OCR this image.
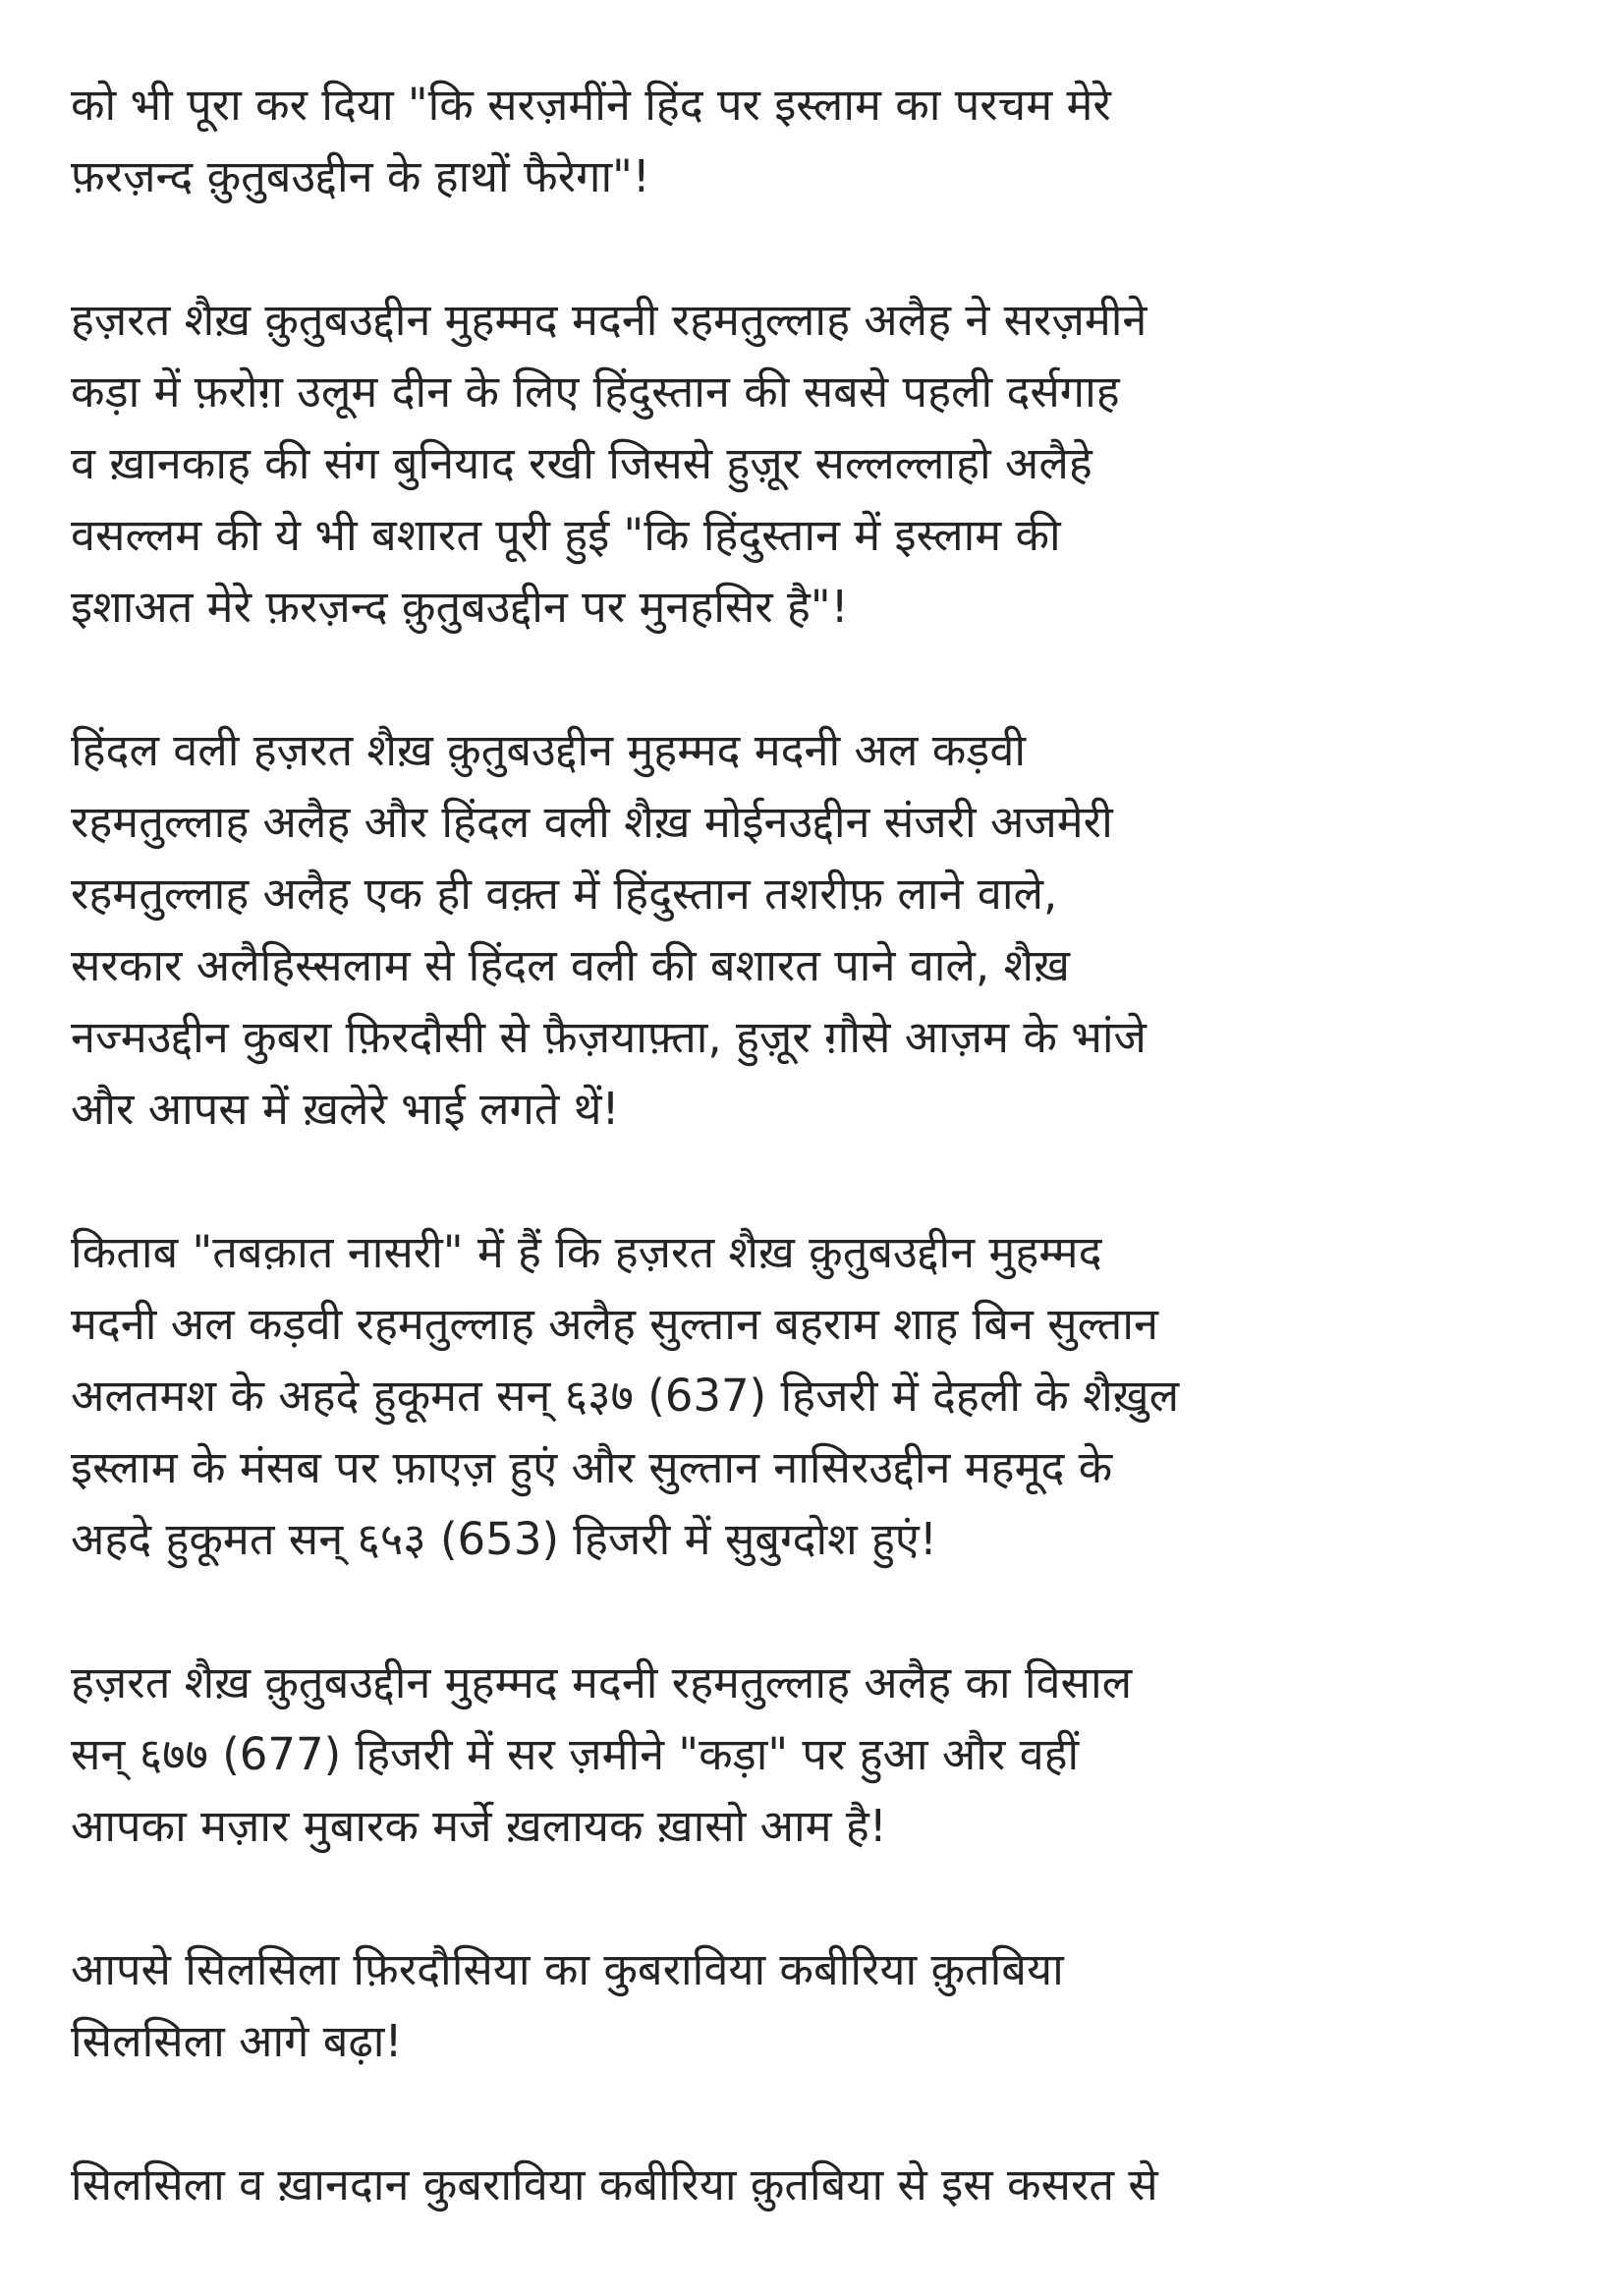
को भी पूरा कर दिया "कि सरज़मींने हिंद पर इस्लाम का परचम मेरे
फ़रज़न्द क़ुतुबउद्दीन के हाथों फैरेगा"!
हज़रत शैख़ क़ुतुबउद्दीन मुहम्मद मदनी रहमतुल्लाह अलैह ने सरज़मीने
कड़ा में फ़रोग़ उलूम दीन के लिए हिंदुस्तान की सबसे पहली दर्सगाह
व ख़ानकाह की संग बुनियाद रखी जिससे हुज़ूर सल्लल्लाहो अलैहे
वसल्लम की ये भी बशारत पूरी हुई "कि हिंदुस्तान में इस्लाम की
इशाअत मेरे फ़रज़न्द क़ुतुबउद्दीन पर मुनहसिर है"!
हिंदल वली हज़रत शैख़ क़ुतुबउद्दीन मुहम्मद मदनी अल कड़वी
रहमतुल्लाह अलैह और हिंदल वली शैख़ मोईनउद्दीन संजरी अजमेरी
रहमतुल्लाह अलैह एक ही वक़्त में हिंदुस्तान तशरीफ़ लाने वाले,
सरकार अलैहिस्सलाम से हिंदल वली की बशारत पाने वाले, शैख़
नज्मउद्दीन कुबरा फ़िरदौसी से फ़ैज़याफ़्ता, हुज़ूर ग़ौसे आज़म के भांजे
और आपस में ख़लेरे भाई लगते थें!
किताब "तबक़ात नासरी" में हैं कि हज़रत शैख़ क़ुतुबउद्दीन मुहम्मद
मदनी अल कड़वी रहमतुल्लाह अलैह सुल्तान बहराम शाह बिन सुल्तान
अलतमश के अहदे हुकूमत सन् ६३७ (637) हिजरी में देहली के शैख़ुल
इस्लाम के मंसब पर फ़ाएज़ हुएं और सुल्तान नासिरउद्दीन महमूद के
अहदे हुकूमत सन् ६५३ (653) हिजरी में सुबुग्दोश हुएं!
हज़रत शैख़ क़ुतुबउद्दीन मुहम्मद मदनी रहमतुल्लाह अलैह का विसाल
सन् ६७७ (677) हिजरी में सर ज़मीने "कड़ा" पर हुआ और वहीं
आपका मज़ार मुबारक मर्जे ख़लायक ख़ासो आम है!
आपसे सिलसिला फ़िरदौसिया का कुबराविया कबीरिया क़ुतबिया
सिलसिला आगे बढ़ा!
सिलसिला व ख़ानदान कुबराविया कबीरिया क़ुतबिया से इस कसरत से
